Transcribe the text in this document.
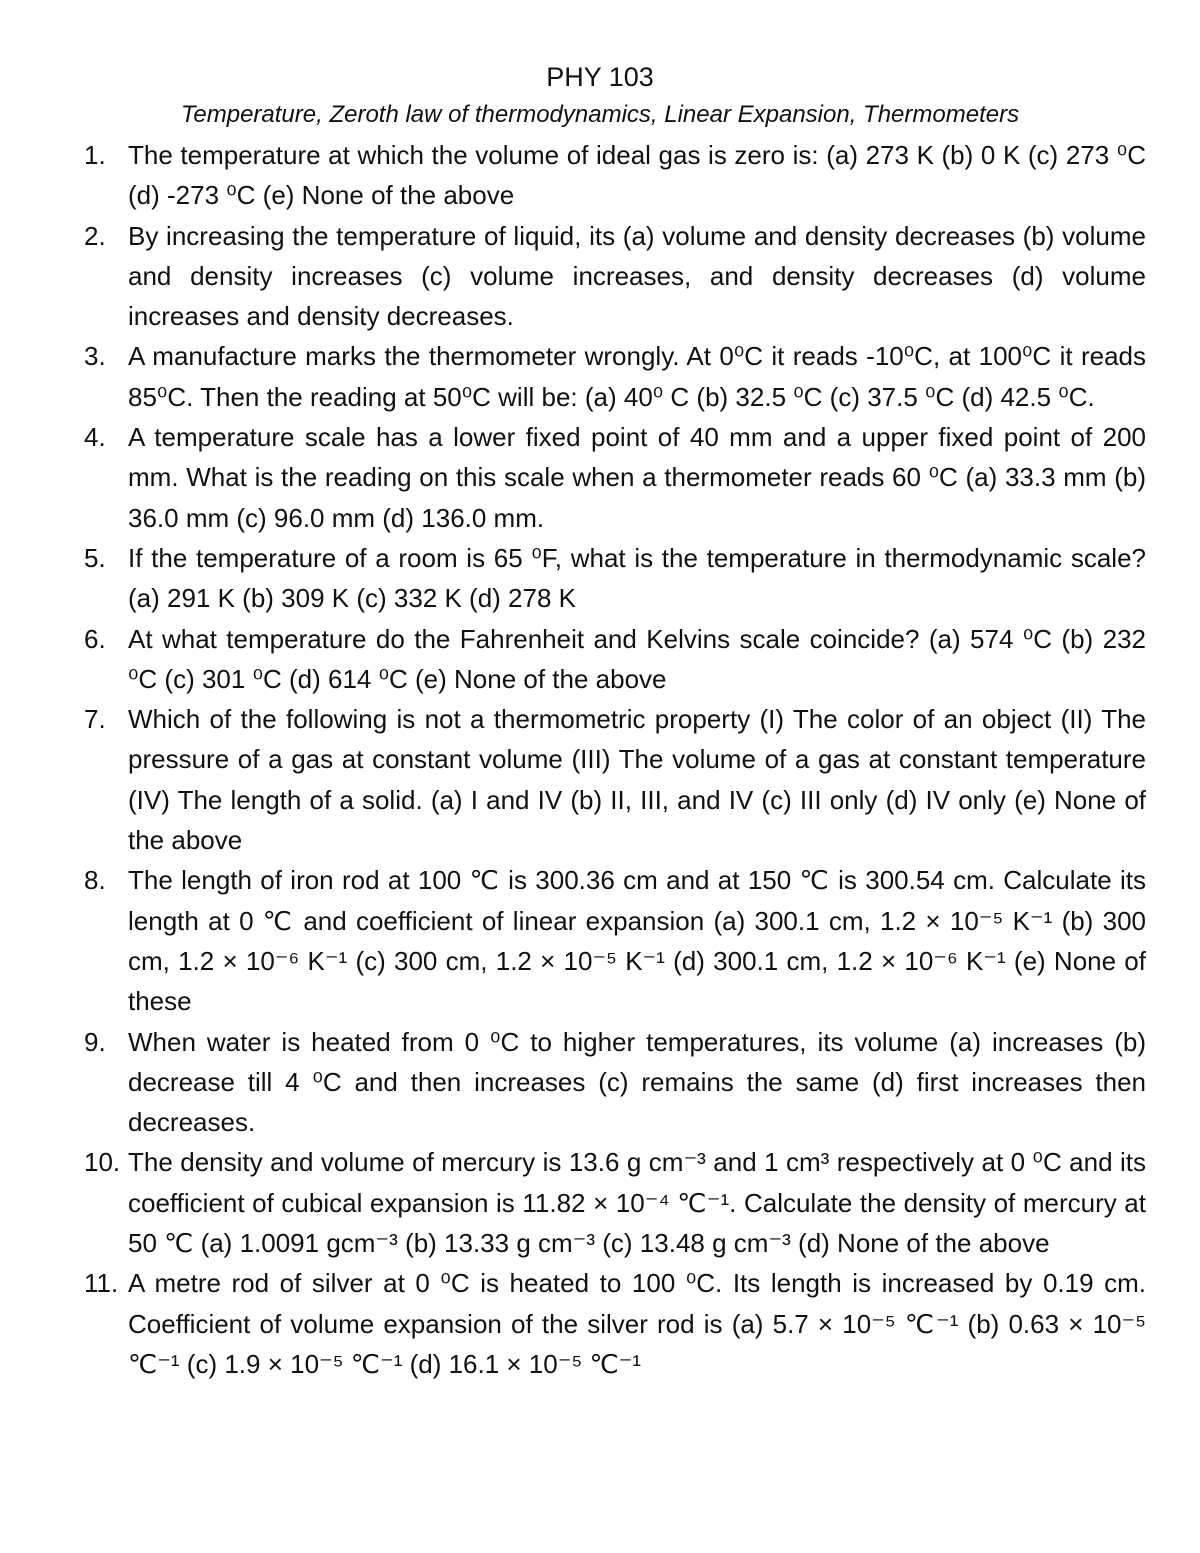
PHY 103
Temperature, Zeroth law of thermodynamics, Linear Expansion, Thermometers
1. The temperature at which the volume of ideal gas is zero is: (a) 273 K (b) 0 K (c) 273 ⁰C (d) -273 ⁰C (e) None of the above
2. By increasing the temperature of liquid, its (a) volume and density decreases (b) volume and density increases (c) volume increases, and density decreases (d) volume increases and density decreases.
3. A manufacture marks the thermometer wrongly. At 0⁰C it reads -10⁰C, at 100⁰C it reads 85⁰C. Then the reading at 50⁰C will be: (a) 40⁰ C (b) 32.5 ⁰C (c) 37.5 ⁰C (d) 42.5 ⁰C.
4. A temperature scale has a lower fixed point of 40 mm and a upper fixed point of 200 mm. What is the reading on this scale when a thermometer reads 60 ⁰C (a) 33.3 mm (b) 36.0 mm (c) 96.0 mm (d) 136.0 mm.
5. If the temperature of a room is 65 ⁰F, what is the temperature in thermodynamic scale? (a) 291 K (b) 309 K (c) 332 K (d) 278 K
6. At what temperature do the Fahrenheit and Kelvins scale coincide? (a) 574 ⁰C (b) 232 ⁰C (c) 301 ⁰C (d) 614 ⁰C (e) None of the above
7. Which of the following is not a thermometric property (I) The color of an object (II) The pressure of a gas at constant volume (III) The volume of a gas at constant temperature (IV) The length of a solid. (a) I and IV (b) II, III, and IV (c) III only (d) IV only (e) None of the above
8. The length of iron rod at 100 ℃ is 300.36 cm and at 150 ℃ is 300.54 cm. Calculate its length at 0 ℃ and coefficient of linear expansion (a) 300.1 cm, 1.2 × 10⁻⁵ K⁻¹ (b) 300 cm, 1.2 × 10⁻⁶ K⁻¹ (c) 300 cm, 1.2 × 10⁻⁵ K⁻¹ (d) 300.1 cm, 1.2 × 10⁻⁶ K⁻¹ (e) None of these
9. When water is heated from 0 ⁰C to higher temperatures, its volume (a) increases (b) decrease till 4 ⁰C and then increases (c) remains the same (d) first increases then decreases.
10. The density and volume of mercury is 13.6 g cm⁻³ and 1 cm³ respectively at 0 ⁰C and its coefficient of cubical expansion is 11.82 × 10⁻⁴ ℃⁻¹. Calculate the density of mercury at 50 ℃ (a) 1.0091 gcm⁻³ (b) 13.33 g cm⁻³ (c) 13.48 g cm⁻³ (d) None of the above
11. A metre rod of silver at 0 ⁰C is heated to 100 ⁰C. Its length is increased by 0.19 cm. Coefficient of volume expansion of the silver rod is (a) 5.7 × 10⁻⁵ ℃⁻¹ (b) 0.63 × 10⁻⁵ ℃⁻¹ (c) 1.9 × 10⁻⁵ ℃⁻¹ (d) 16.1 × 10⁻⁵ ℃⁻¹
